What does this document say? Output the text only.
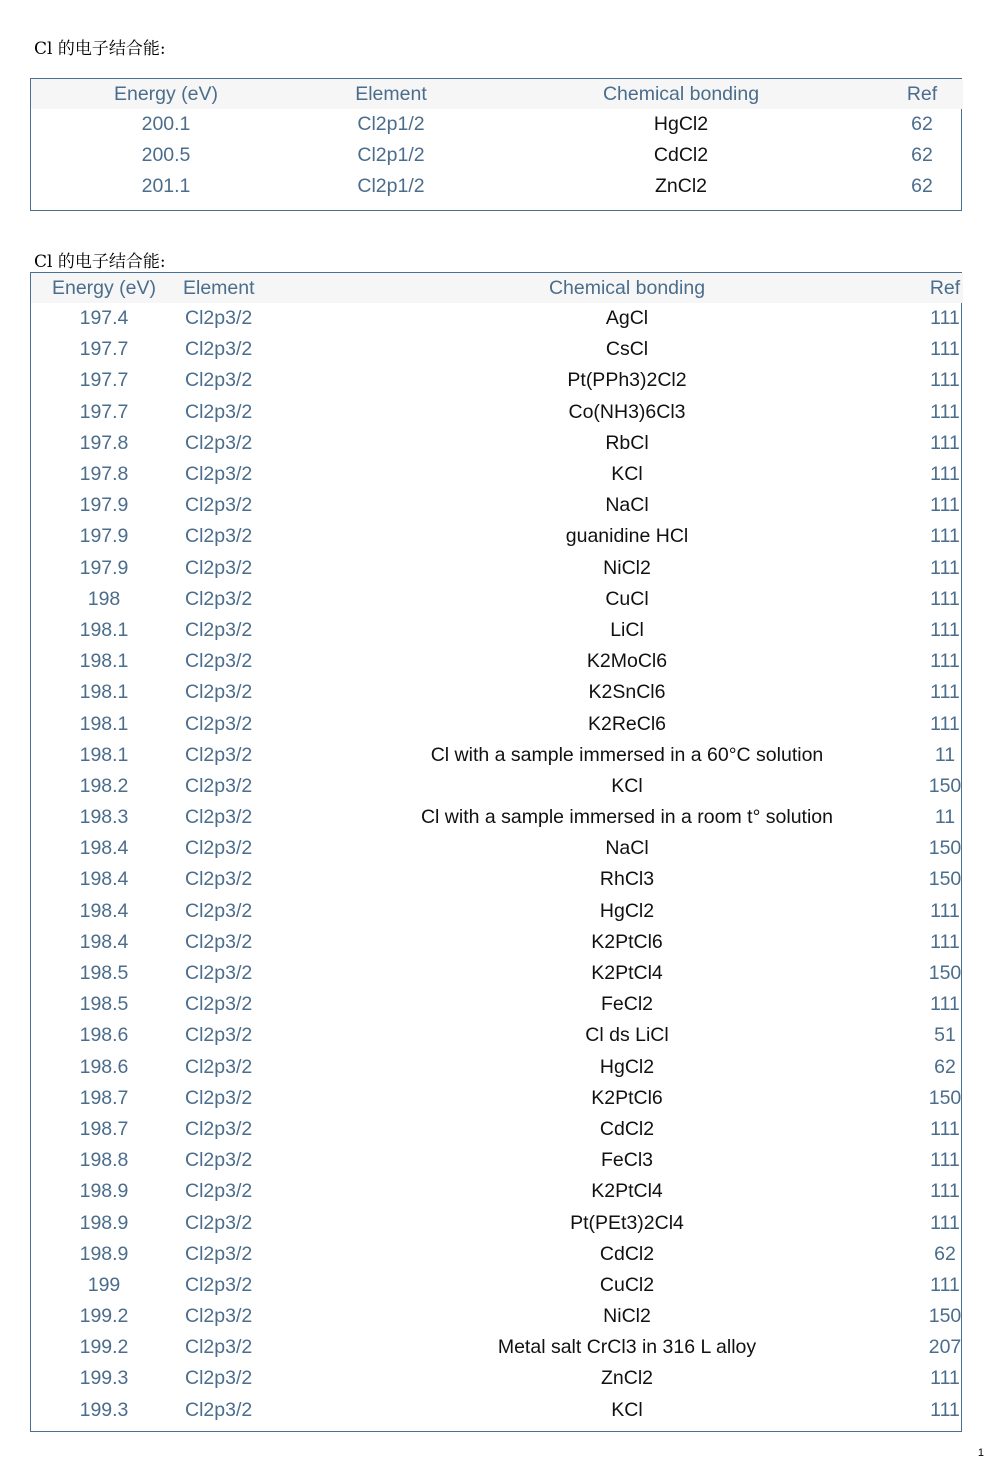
Cl 的电子结合能:
Energy (eV)	Element	Chemical bonding	Ref
200.1	Cl2p1/2	HgCl2	62
200.5	Cl2p1/2	CdCl2	62
201.1	Cl2p1/2	ZnCl2	62
Cl 的电子结合能:
Energy (eV)	Element	Chemical bonding	Ref
197.4	Cl2p3/2	AgCl	111
197.7	Cl2p3/2	CsCl	111
197.7	Cl2p3/2	Pt(PPh3)2Cl2	111
197.7	Cl2p3/2	Co(NH3)6Cl3	111
197.8	Cl2p3/2	RbCl	111
197.8	Cl2p3/2	KCl	111
197.9	Cl2p3/2	NaCl	111
197.9	Cl2p3/2	guanidine HCl	111
197.9	Cl2p3/2	NiCl2	111
198	Cl2p3/2	CuCl	111
198.1	Cl2p3/2	LiCl	111
198.1	Cl2p3/2	K2MoCl6	111
198.1	Cl2p3/2	K2SnCl6	111
198.1	Cl2p3/2	K2ReCl6	111
198.1	Cl2p3/2	Cl with a sample immersed in a 60°C solution	11
198.2	Cl2p3/2	KCl	150
198.3	Cl2p3/2	Cl with a sample immersed in a room t° solution	11
198.4	Cl2p3/2	NaCl	150
198.4	Cl2p3/2	RhCl3	150
198.4	Cl2p3/2	HgCl2	111
198.4	Cl2p3/2	K2PtCl6	111
198.5	Cl2p3/2	K2PtCl4	150
198.5	Cl2p3/2	FeCl2	111
198.6	Cl2p3/2	Cl ds LiCl	51
198.6	Cl2p3/2	HgCl2	62
198.7	Cl2p3/2	K2PtCl6	150
198.7	Cl2p3/2	CdCl2	111
198.8	Cl2p3/2	FeCl3	111
198.9	Cl2p3/2	K2PtCl4	111
198.9	Cl2p3/2	Pt(PEt3)2Cl4	111
198.9	Cl2p3/2	CdCl2	62
199	Cl2p3/2	CuCl2	111
199.2	Cl2p3/2	NiCl2	150
199.2	Cl2p3/2	Metal salt CrCl3 in 316 L alloy	207
199.3	Cl2p3/2	ZnCl2	111
199.3	Cl2p3/2	KCl	111
1
